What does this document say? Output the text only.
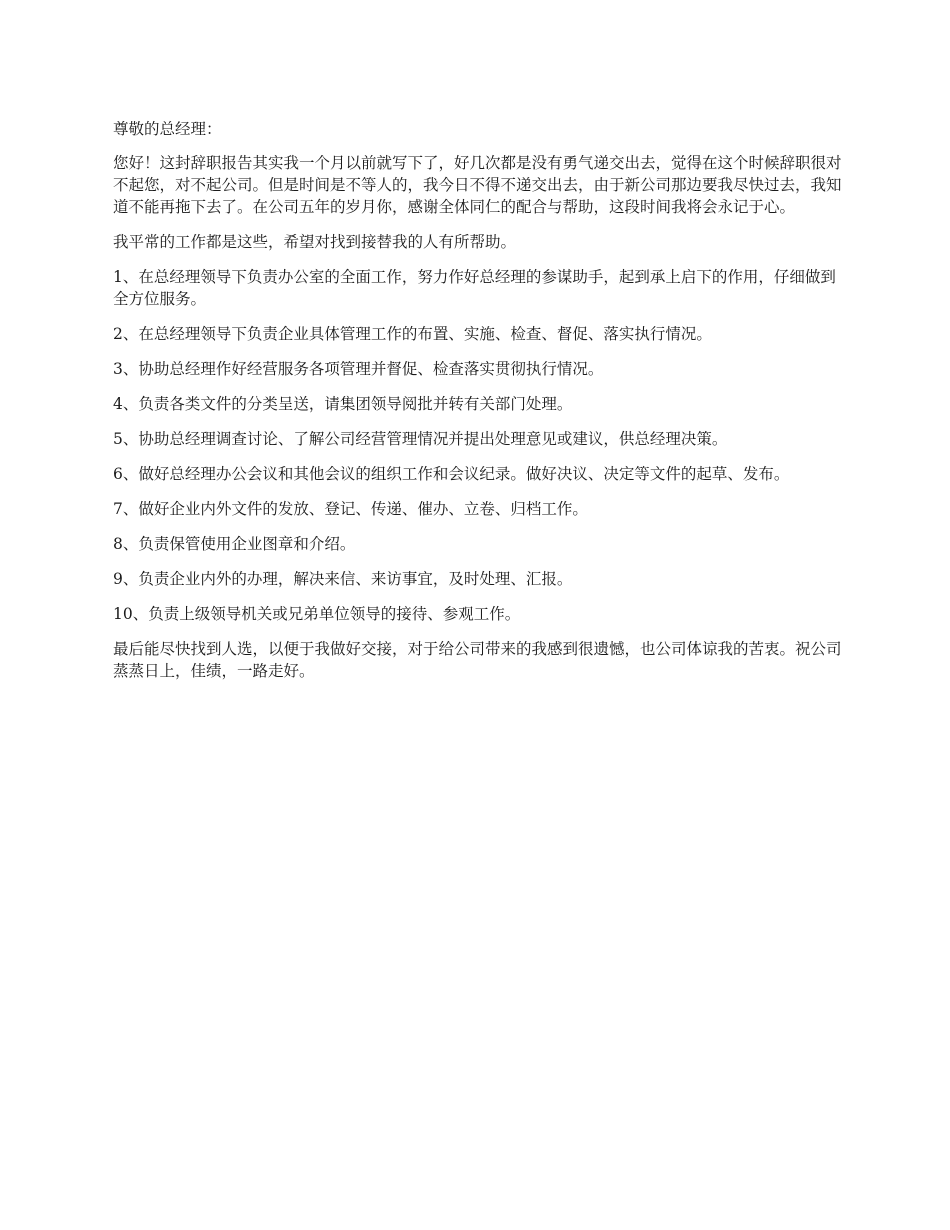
尊敬的总经理：

您好！这封辞职报告其实我一个月以前就写下了，好几次都是没有勇气递交出去，觉得在这个时候辞职很对不起您，对不起公司。但是时间是不等人的，我今日不得不递交出去，由于新公司那边要我尽快过去，我知道不能再拖下去了。在公司五年的岁月你，感谢全体同仁的配合与帮助，这段时间我将会永记于心。

我平常的工作都是这些，希望对找到接替我的人有所帮助。

1、在总经理领导下负责办公室的全面工作，努力作好总经理的参谋助手，起到承上启下的作用，仔细做到全方位服务。

2、在总经理领导下负责企业具体管理工作的布置、实施、检查、督促、落实执行情况。

3、协助总经理作好经营服务各项管理并督促、检查落实贯彻执行情况。

4、负责各类文件的分类呈送，请集团领导阅批并转有关部门处理。

5、协助总经理调查讨论、了解公司经营管理情况并提出处理意见或建议，供总经理决策。

6、做好总经理办公会议和其他会议的组织工作和会议纪录。做好决议、决定等文件的起草、发布。

7、做好企业内外文件的发放、登记、传递、催办、立卷、归档工作。

8、负责保管使用企业图章和介绍。

9、负责企业内外的办理，解决来信、来访事宜，及时处理、汇报。

10、负责上级领导机关或兄弟单位领导的接待、参观工作。

最后能尽快找到人选，以便于我做好交接，对于给公司带来的我感到很遗憾，也公司体谅我的苦衷。祝公司蒸蒸日上，佳绩，一路走好。
